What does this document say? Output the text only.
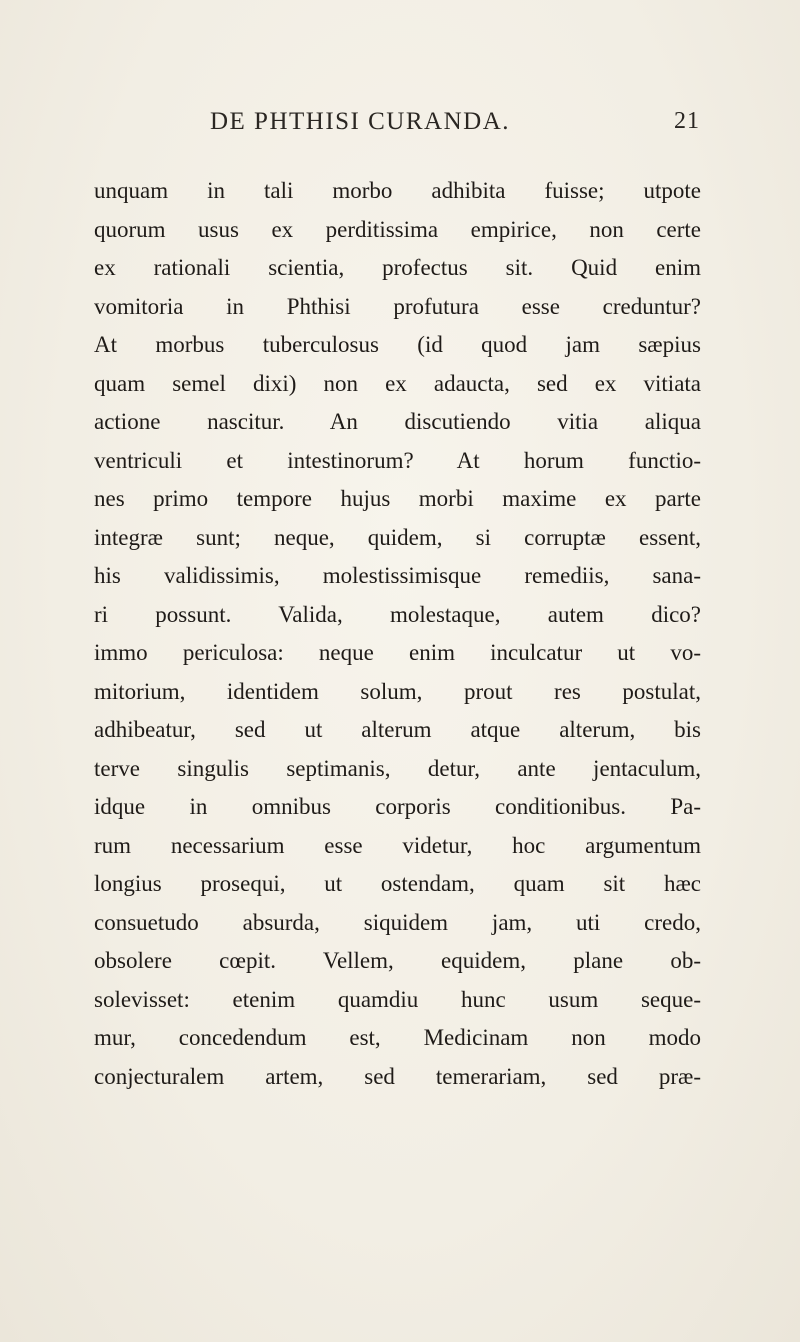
DE PHTHISI CURANDA.	21
unquam in tali morbo adhibita fuisse; utpote
quorum usus ex perditissima empirice, non certe
ex rationali scientia, profectus sit. Quid enim
vomitoria in Phthisi profutura esse creduntur?
At morbus tuberculosus (id quod jam sæpius
quam semel dixi) non ex adaucta, sed ex vitiata
actione nascitur. An discutiendo vitia aliqua
ventriculi et intestinorum? At horum functio-
nes primo tempore hujus morbi maxime ex parte
integræ sunt; neque, quidem, si corruptæ essent,
his validissimis, molestissimisque remediis, sana-
ri possunt. Valida, molestaque, autem dico?
immo periculosa: neque enim inculcatur ut vo-
mitorium, identidem solum, prout res postulat,
adhibeatur, sed ut alterum atque alterum, bis
terve singulis septimanis, detur, ante jentaculum,
idque in omnibus corporis conditionibus. Pa-
rum necessarium esse videtur, hoc argumentum
longius prosequi, ut ostendam, quam sit hæc
consuetudo absurda, siquidem jam, uti credo,
obsolere cœpit. Vellem, equidem, plane ob-
solevisset: etenim quamdiu hunc usum seque-
mur, concedendum est, Medicinam non modo
conjecturalem artem, sed temerariam, sed præ-
